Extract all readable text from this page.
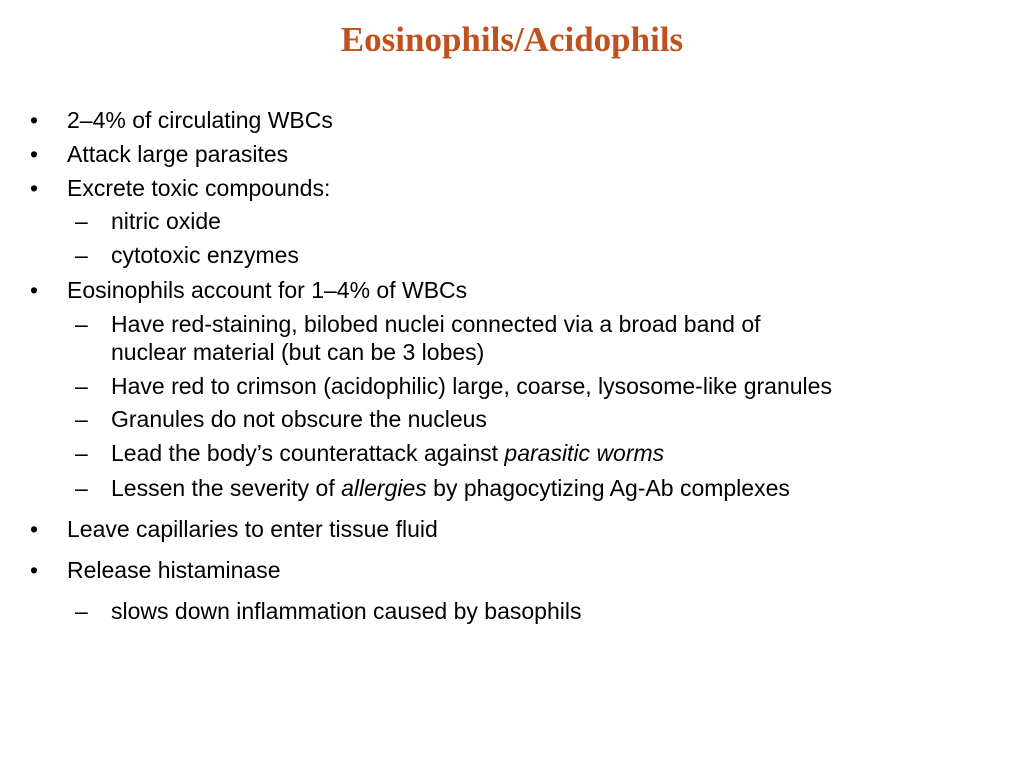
Eosinophils/Acidophils
• 2–4% of circulating WBCs
• Attack large parasites
• Excrete toxic compounds:
– nitric oxide
– cytotoxic enzymes
• Eosinophils account for 1–4% of WBCs
– Have red-staining, bilobed nuclei connected via a broad band of
nuclear material (but can be 3 lobes)
– Have red to crimson (acidophilic) large, coarse, lysosome-like granules
– Granules do not obscure the nucleus
– Lead the body’s counterattack against parasitic worms
– Lessen the severity of allergies by phagocytizing Ag-Ab complexes
• Leave capillaries to enter tissue fluid
• Release histaminase
– slows down inflammation caused by basophils
